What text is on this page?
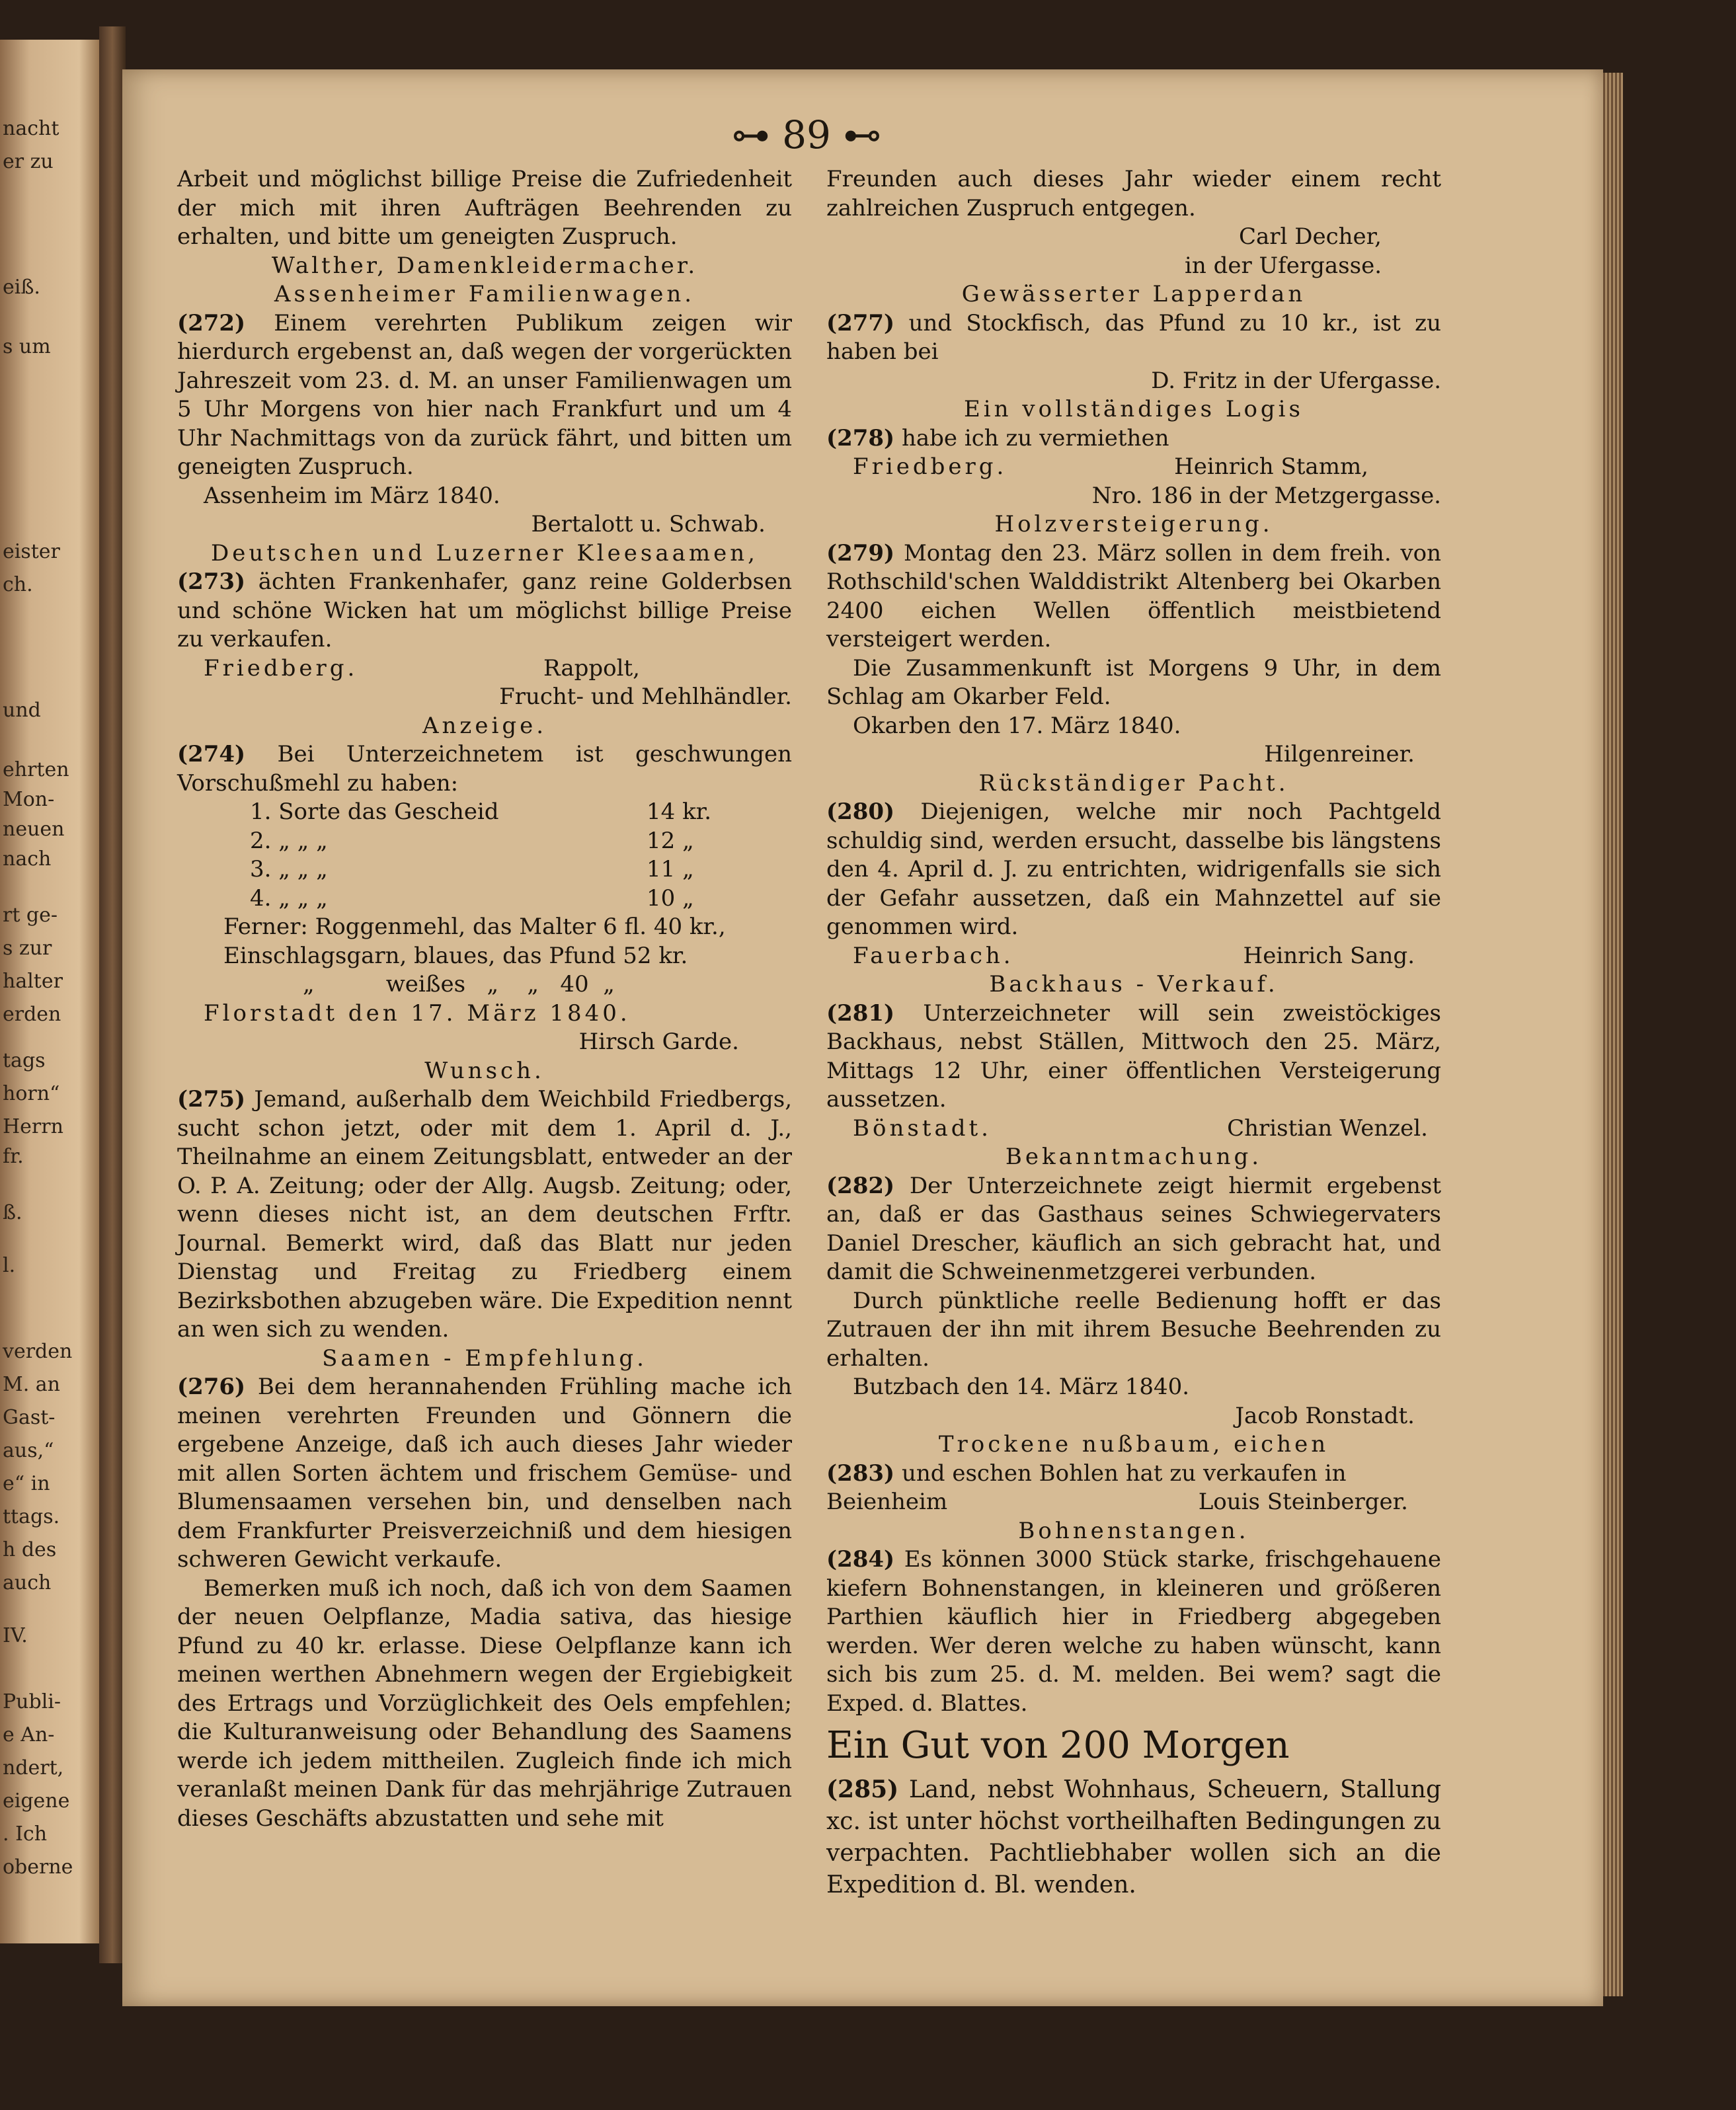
nacht
er zu
eiß.
s um
eister
ch.
und
ehrten
Mon-
neuen
nach
rt ge-
s zur
halter
erden
tags
horn“
Herrn
fr.
ß.
l.
verden
M. an
Gast-
aus,“
e“ in
ttags.
h des
auch
IV.
Publi-
e An-
ndert,
eigene
. Ich
oberne
⊶ 89 ⊷

Arbeit und möglichst billige Preise die Zufriedenheit der mich mit ihren Aufträgen Beehrenden zu erhalten, und bitte um geneigten Zuspruch.

Walther, Damenkleidermacher.

Assenheimer Familienwagen.

(272) Einem verehrten Publikum zeigen wir hierdurch ergebenst an, daß wegen der vorgerückten Jahreszeit vom 23. d. M. an unser Familienwagen um 5 Uhr Morgens von hier nach Frankfurt und um 4 Uhr Nachmittags von da zurück fährt, und bitten um geneigten Zuspruch.

Assenheim im März 1840.

Bertalott u. Schwab.

Deutschen und Luzerner Kleesaamen,

(273) ächten Frankenhafer, ganz reine Golderbsen und schöne Wicken hat um möglichst billige Preise zu verkaufen.

Friedberg.	Rappolt,

Frucht- und Mehlhändler.

Anzeige.

(274) Bei Unterzeichnetem ist geschwungen Vorschußmehl zu haben:

1. Sorte das Gescheid	14 kr.
2. „ „ „	12 „
3. „ „ „	11 „
4. „ „ „	10 „

Ferner: Roggenmehl, das Malter 6 fl. 40 kr.,

Einschlagsgarn, blaues, das Pfund 52 kr.

„          weißes   „    „   40  „

Florstadt den 17. März 1840.

Hirsch Garde.

Wunsch.

(275) Jemand, außerhalb dem Weichbild Friedbergs, sucht schon jetzt, oder mit dem 1. April d. J., Theilnahme an einem Zeitungsblatt, entweder an der O. P. A. Zeitung; oder der Allg. Augsb. Zeitung; oder, wenn dieses nicht ist, an dem deutschen Frftr. Journal. Bemerkt wird, daß das Blatt nur jeden Dienstag und Freitag zu Friedberg einem Bezirksbothen abzugeben wäre. Die Expedition nennt an wen sich zu wenden.

Saamen - Empfehlung.

(276) Bei dem herannahenden Frühling mache ich meinen verehrten Freunden und Gönnern die ergebene Anzeige, daß ich auch dieses Jahr wieder mit allen Sorten ächtem und frischem Gemüse- und Blumensaamen versehen bin, und denselben nach dem Frankfurter Preisverzeichniß und dem hiesigen schweren Gewicht verkaufe.

Bemerken muß ich noch, daß ich von dem Saamen der neuen Oelpflanze, Madia sativa, das hiesige Pfund zu 40 kr. erlasse. Diese Oelpflanze kann ich meinen werthen Abnehmern wegen der Ergiebigkeit des Ertrags und Vorzüglichkeit des Oels empfehlen; die Kulturanweisung oder Behandlung des Saamens werde ich jedem mittheilen. Zugleich finde ich mich veranlaßt meinen Dank für das mehrjährige Zutrauen dieses Geschäfts abzustatten und sehe mit

Freunden auch dieses Jahr wieder einem recht zahlreichen Zuspruch entgegen.

Carl Decher,

in der Ufergasse.

Gewässerter Lapperdan

(277) und Stockfisch, das Pfund zu 10 kr., ist zu haben bei

D. Fritz in der Ufergasse.

Ein vollständiges Logis

(278) habe ich zu vermiethen

Friedberg.	Heinrich Stamm,

Nro. 186 in der Metzgergasse.

Holzversteigerung.

(279) Montag den 23. März sollen in dem freih. von Rothschild'schen Walddistrikt Altenberg bei Okarben 2400 eichen Wellen öffentlich meistbietend versteigert werden.

Die Zusammenkunft ist Morgens 9 Uhr, in dem Schlag am Okarber Feld.

Okarben den 17. März 1840.

Hilgenreiner.

Rückständiger Pacht.

(280) Diejenigen, welche mir noch Pachtgeld schuldig sind, werden ersucht, dasselbe bis längstens den 4. April d. J. zu entrichten, widrigenfalls sie sich der Gefahr aussetzen, daß ein Mahnzettel auf sie genommen wird.

Fauerbach.	Heinrich Sang.

Backhaus - Verkauf.

(281) Unterzeichneter will sein zweistöckiges Backhaus, nebst Ställen, Mittwoch den 25. März, Mittags 12 Uhr, einer öffentlichen Versteigerung aussetzen.

Bönstadt.	Christian Wenzel.

Bekanntmachung.

(282) Der Unterzeichnete zeigt hiermit ergebenst an, daß er das Gasthaus seines Schwiegervaters Daniel Drescher, käuflich an sich gebracht hat, und damit die Schweinenmetzgerei verbunden.

Durch pünktliche reelle Bedienung hofft er das Zutrauen der ihn mit ihrem Besuche Beehrenden zu erhalten.

Butzbach den 14. März 1840.

Jacob Ronstadt.

Trockene nußbaum, eichen

(283) und eschen Bohlen hat zu verkaufen in

Beienheim	Louis Steinberger.

Bohnenstangen.

(284) Es können 3000 Stück starke, frischgehauene kiefern Bohnenstangen, in kleineren und größeren Parthien käuflich hier in Friedberg abgegeben werden. Wer deren welche zu haben wünscht, kann sich bis zum 25. d. M. melden. Bei wem? sagt die Exped. d. Blattes.

Ein Gut von 200 Morgen

(285) Land, nebst Wohnhaus, Scheuern, Stallung xc. ist unter höchst vortheilhaften Bedingungen zu verpachten. Pachtliebhaber wollen sich an die Expedition d. Bl. wenden.
